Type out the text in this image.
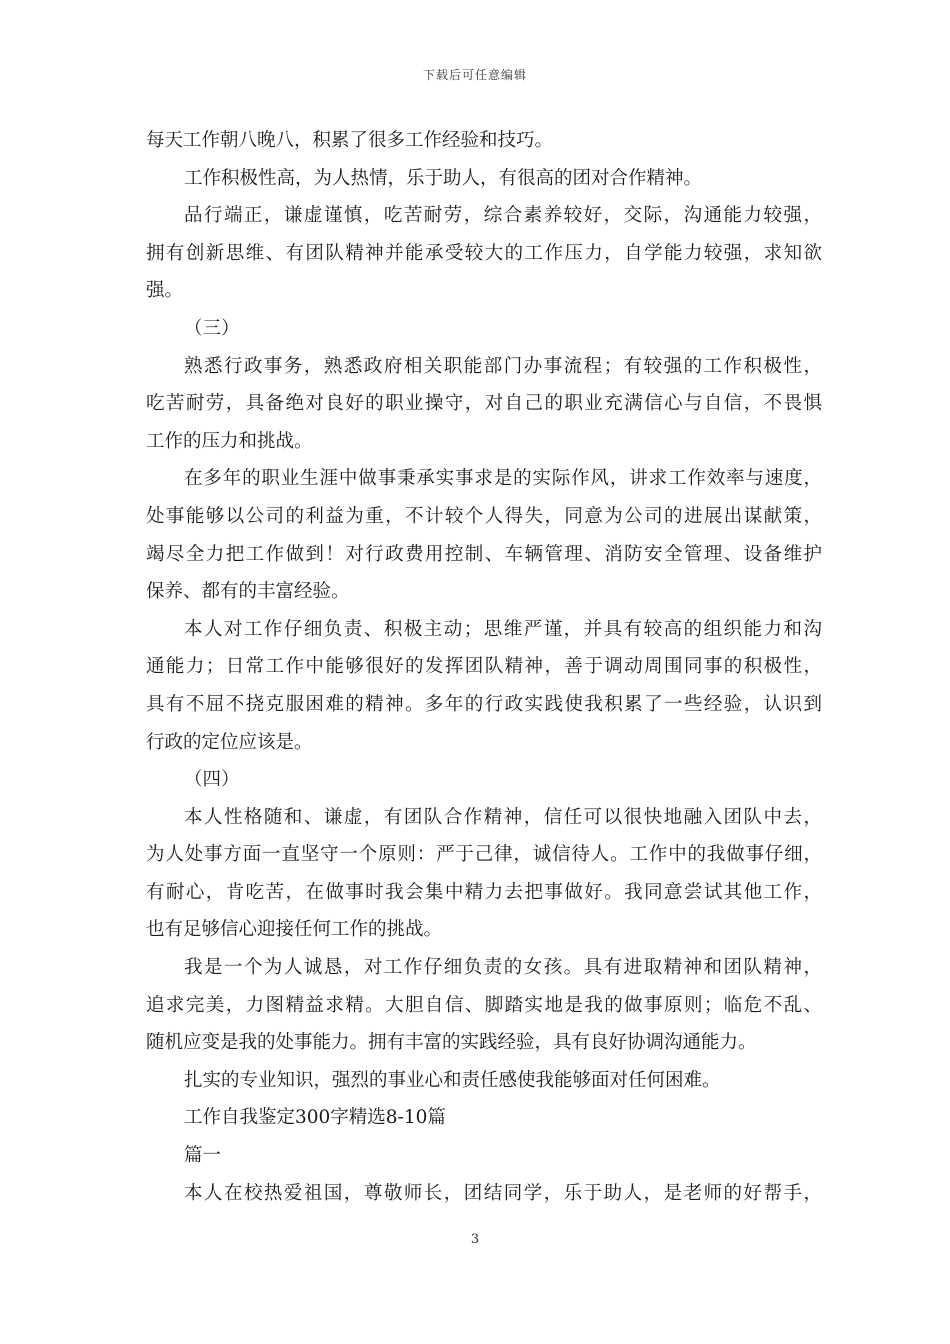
下载后可任意编辑
每天工作朝八晚八，积累了很多工作经验和技巧。
工作积极性高，为人热情，乐于助人，有很高的团对合作精神。
品行端正，谦虚谨慎，吃苦耐劳，综合素养较好，交际，沟通能力较强，
拥有创新思维、有团队精神并能承受较大的工作压力，自学能力较强，求知欲
强。
（三）
熟悉行政事务，熟悉政府相关职能部门办事流程；有较强的工作积极性，
吃苦耐劳，具备绝对良好的职业操守，对自己的职业充满信心与自信，不畏惧
工作的压力和挑战。
在多年的职业生涯中做事秉承实事求是的实际作风，讲求工作效率与速度，
处事能够以公司的利益为重，不计较个人得失，同意为公司的进展出谋献策，
竭尽全力把工作做到！对行政费用控制、车辆管理、消防安全管理、设备维护
保养、都有的丰富经验。
本人对工作仔细负责、积极主动；思维严谨，并具有较高的组织能力和沟
通能力；日常工作中能够很好的发挥团队精神，善于调动周围同事的积极性，
具有不屈不挠克服困难的精神。多年的行政实践使我积累了一些经验，认识到
行政的定位应该是。
（四）
本人性格随和、谦虚，有团队合作精神，信任可以很快地融入团队中去，
为人处事方面一直坚守一个原则：严于己律，诚信待人。工作中的我做事仔细，
有耐心，肯吃苦，在做事时我会集中精力去把事做好。我同意尝试其他工作，
也有足够信心迎接任何工作的挑战。
我是一个为人诚恳，对工作仔细负责的女孩。具有进取精神和团队精神，
追求完美，力图精益求精。大胆自信、脚踏实地是我的做事原则；临危不乱、
随机应变是我的处事能力。拥有丰富的实践经验，具有良好协调沟通能力。
扎实的专业知识，强烈的事业心和责任感使我能够面对任何困难。
工作自我鉴定300字精选8-10篇
篇一
本人在校热爱祖国，尊敬师长，团结同学，乐于助人，是老师的好帮手，
3
